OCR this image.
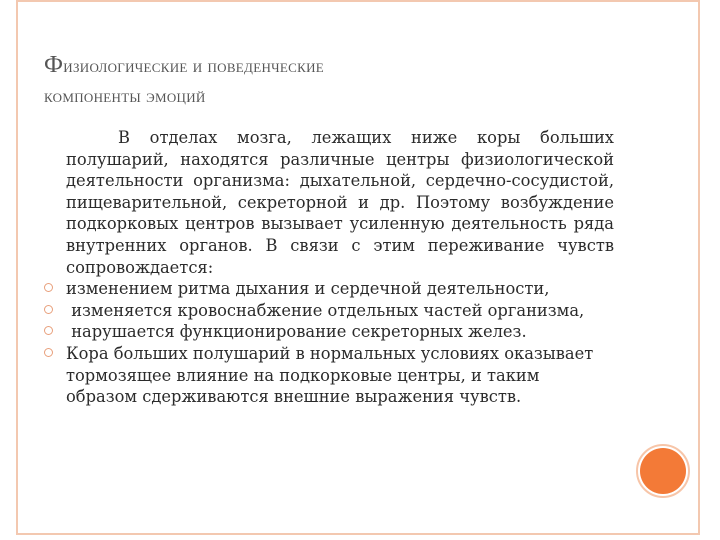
Физиологические и поведенческие
компоненты эмоций
В отделах мозга, лежащих ниже коры больших полушарий, находятся различные центры физиологической деятельности организма: дыхательной, сердечно-сосудистой, пищеварительной, секреторной и др. Поэтому возбуждение подкорковых центров вызывает усиленную деятельность ряда внутренних органов. В связи с этим переживание чувств сопровождается:
изменением ритма дыхания и сердечной деятельности,
изменяется кровоснабжение отдельных частей организма,
нарушается функционирование секреторных желез.
Кора больших полушарий в нормальных условиях оказывает тормозящее влияние на подкорковые центры, и таким образом сдерживаются внешние выражения чувств.
